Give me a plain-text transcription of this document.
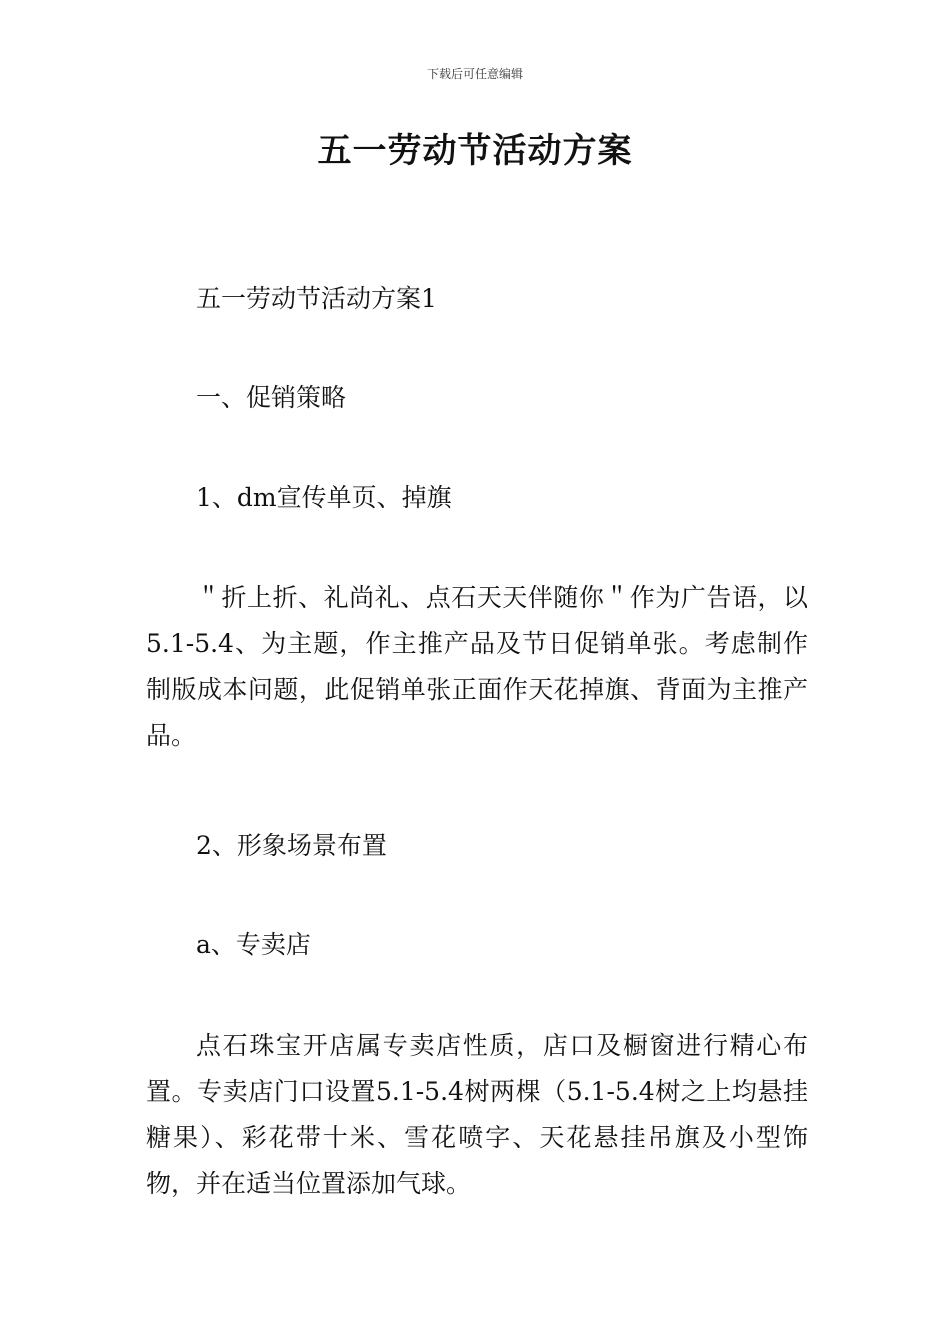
下载后可任意编辑
五一劳动节活动方案

五一劳动节活动方案1

一、促销策略

1、dm宣传单页、掉旗

＂折上折、礼尚礼、点石天天伴随你＂作为广告语，以5.1-5.4、为主题，作主推产品及节日促销单张。考虑制作制版成本问题，此促销单张正面作天花掉旗、背面为主推产品。

2、形象场景布置

a、专卖店

点石珠宝开店属专卖店性质，店口及橱窗进行精心布置。专卖店门口设置5.1-5.4树两棵（5.1-5.4树之上均悬挂糖果）、彩花带十米、雪花喷字、天花悬挂吊旗及小型饰物，并在适当位置添加气球。
